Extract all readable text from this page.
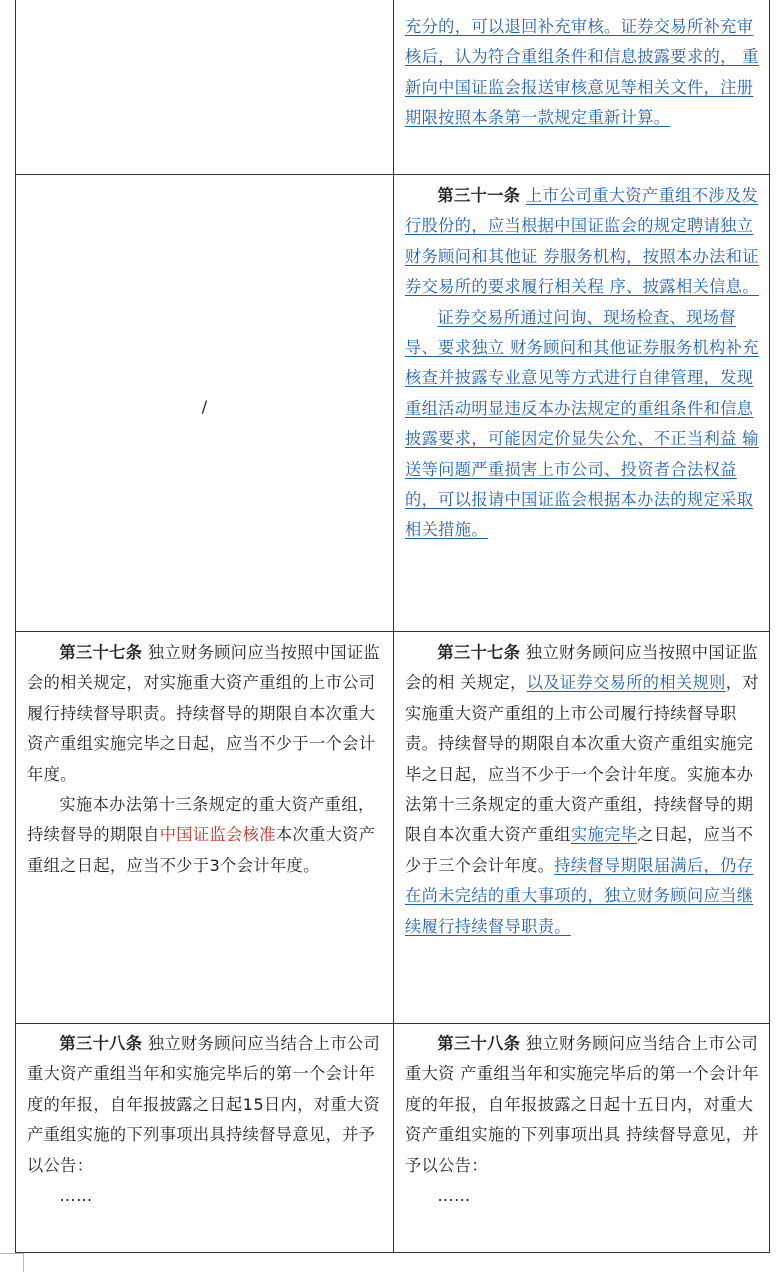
充分的，可以退回补充审核。证券交易所补充审核后，认为符合重组条件和信息披露要求的， 重新向中国证监会报送审核意见等相关文件，注册期限按照本条第一款规定重新计算。

/

第三十一条 上市公司重大资产重组不涉及发行股份的，应当根据中国证监会的规定聘请独立财务顾问和其他证 券服务机构，按照本办法和证券交易所的要求履行相关程 序、披露相关信息。

证券交易所通过问询、现场检查、现场督导、要求独立 财务顾问和其他证券服务机构补充核查并披露专业意见等方式进行自律管理，发现重组活动明显违反本办法规定的重组条件和信息披露要求，可能因定价显失公允、不正当利益 输送等问题严重损害上市公司、投资者合法权益的，可以报请中国证监会根据本办法的规定采取相关措施。

第三十七条 独立财务顾问应当按照中国证监会的相关规定，对实施重大资产重组的上市公司履行持续督导职责。持续督导的期限自本次重大资产重组实施完毕之日起，应当不少于一个会计年度。

实施本办法第十三条规定的重大资产重组，持续督导的期限自中国证监会核准本次重大资产重组之日起，应当不少于3个会计年度。

第三十七条 独立财务顾问应当按照中国证监会的相 关规定，以及证券交易所的相关规则，对实施重大资产重组的上市公司履行持续督导职责。持续督导的期限自本次重大资产重组实施完毕之日起，应当不少于一个会计年度。实施本办法第十三条规定的重大资产重组，持续督导的期限自本次重大资产重组实施完毕之日起，应当不少于三个会计年度。持续督导期限届满后，仍存在尚未完结的重大事项的，独立财务顾问应当继续履行持续督导职责。

第三十八条 独立财务顾问应当结合上市公司重大资产重组当年和实施完毕后的第一个会计年度的年报，自年报披露之日起15日内，对重大资产重组实施的下列事项出具持续督导意见，并予以公告：

……

第三十八条 独立财务顾问应当结合上市公司重大资 产重组当年和实施完毕后的第一个会计年度的年报，自年报披露之日起十五日内，对重大资产重组实施的下列事项出具 持续督导意见，并予以公告：

……
